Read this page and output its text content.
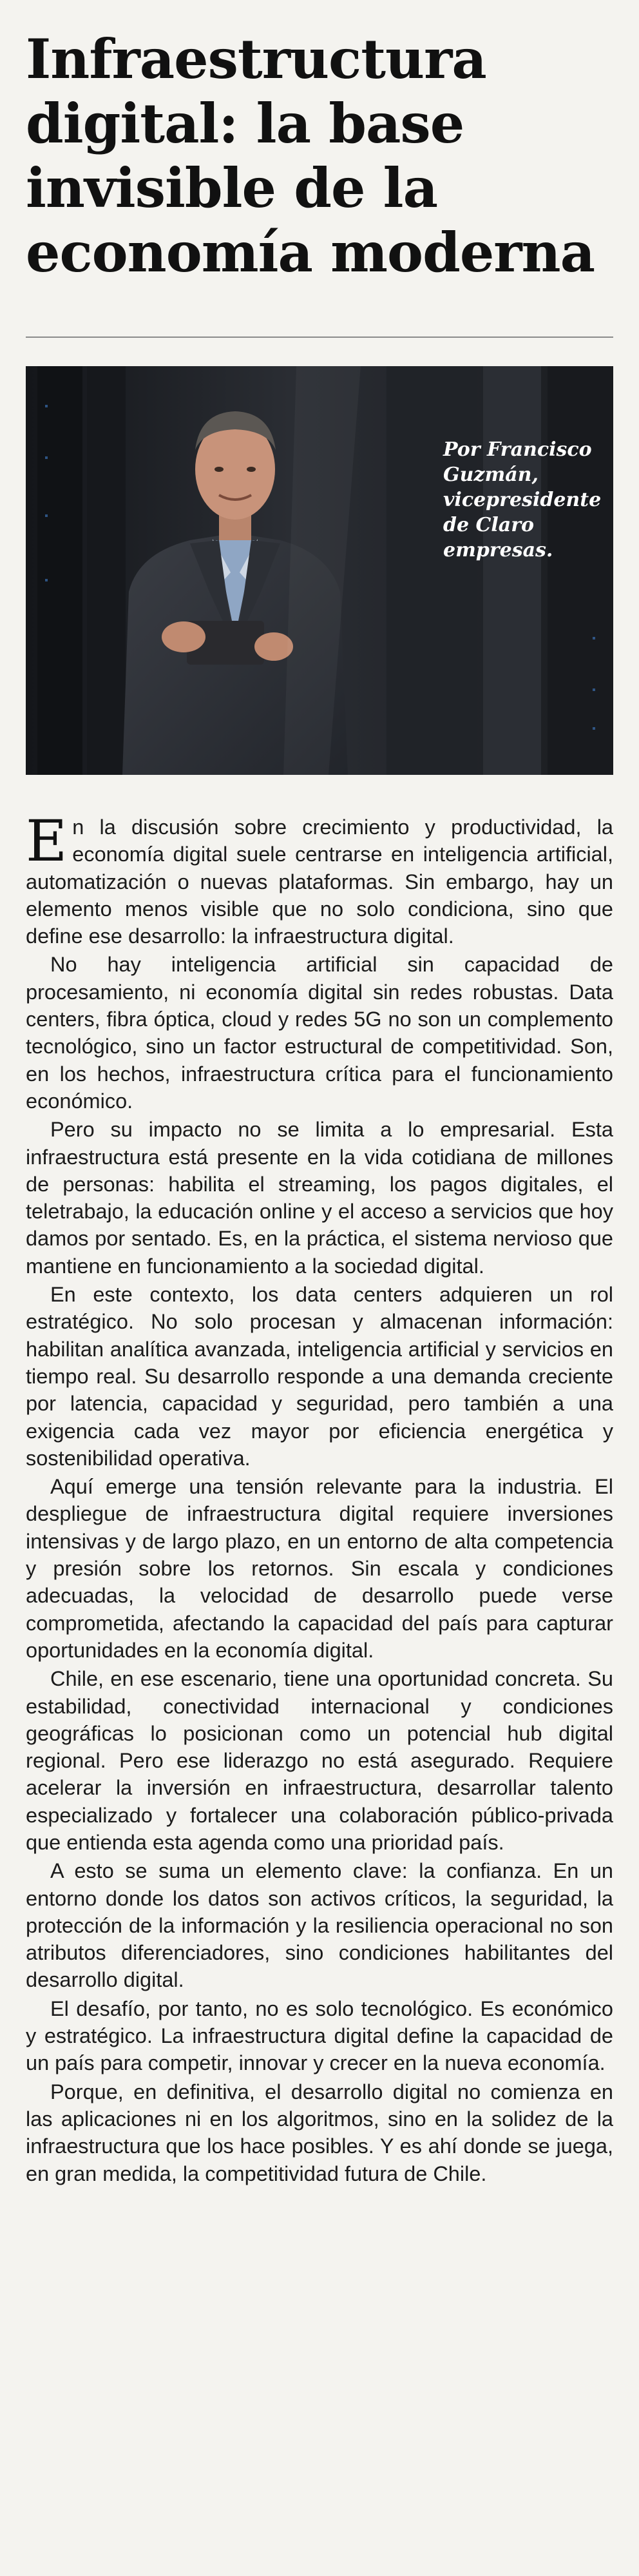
Infraestructura digital: la base invisible de la economía moderna
Por Francisco
Guzmán,
vicepresidente
de Claro
empresas.

En la discusión sobre crecimiento y productividad, la economía digital suele centrarse en inteligencia artificial, automatización o nuevas plataformas. Sin embargo, hay un elemento menos visible que no solo condiciona, sino que define ese desarrollo: la infraestructura digital.

No hay inteligencia artificial sin capacidad de procesamiento, ni economía digital sin redes robustas. Data centers, fibra óptica, cloud y redes 5G no son un complemento tecnológico, sino un factor estructural de competitividad. Son, en los hechos, infraestructura crítica para el funcionamiento económico.

Pero su impacto no se limita a lo empresarial. Esta infraestructura está presente en la vida cotidiana de millones de personas: habilita el streaming, los pagos digitales, el teletrabajo, la educación online y el acceso a servicios que hoy damos por sentado. Es, en la práctica, el sistema nervioso que mantiene en funcionamiento a la sociedad digital.

En este contexto, los data centers adquieren un rol estratégico. No solo procesan y almacenan información: habilitan analítica avanzada, inteligencia artificial y servicios en tiempo real. Su desarrollo responde a una demanda creciente por latencia, capacidad y seguridad, pero también a una exigencia cada vez mayor por eficiencia energética y sostenibilidad operativa.

Aquí emerge una tensión relevante para la industria. El despliegue de infraestructura digital requiere inversiones intensivas y de largo plazo, en un entorno de alta competencia y presión sobre los retornos. Sin escala y condiciones adecuadas, la velocidad de desarrollo puede verse comprometida, afectando la capacidad del país para capturar oportunidades en la economía digital.

Chile, en ese escenario, tiene una oportunidad concreta. Su estabilidad, conectividad internacional y condiciones geográficas lo posicionan como un potencial hub digital regional. Pero ese liderazgo no está asegurado. Requiere acelerar la inversión en infraestructura, desarrollar talento especializado y fortalecer una colaboración público-privada que entienda esta agenda como una prioridad país.

A esto se suma un elemento clave: la confianza. En un entorno donde los datos son activos críticos, la seguridad, la protección de la información y la resiliencia operacional no son atributos diferenciadores, sino condiciones habilitantes del desarrollo digital.

El desafío, por tanto, no es solo tecnológico. Es económico y estratégico. La infraestructura digital define la capacidad de un país para competir, innovar y crecer en la nueva economía.

Porque, en definitiva, el desarrollo digital no comienza en las aplicaciones ni en los algoritmos, sino en la solidez de la infraestructura que los hace posibles. Y es ahí donde se juega, en gran medida, la competitividad futura de Chile.
